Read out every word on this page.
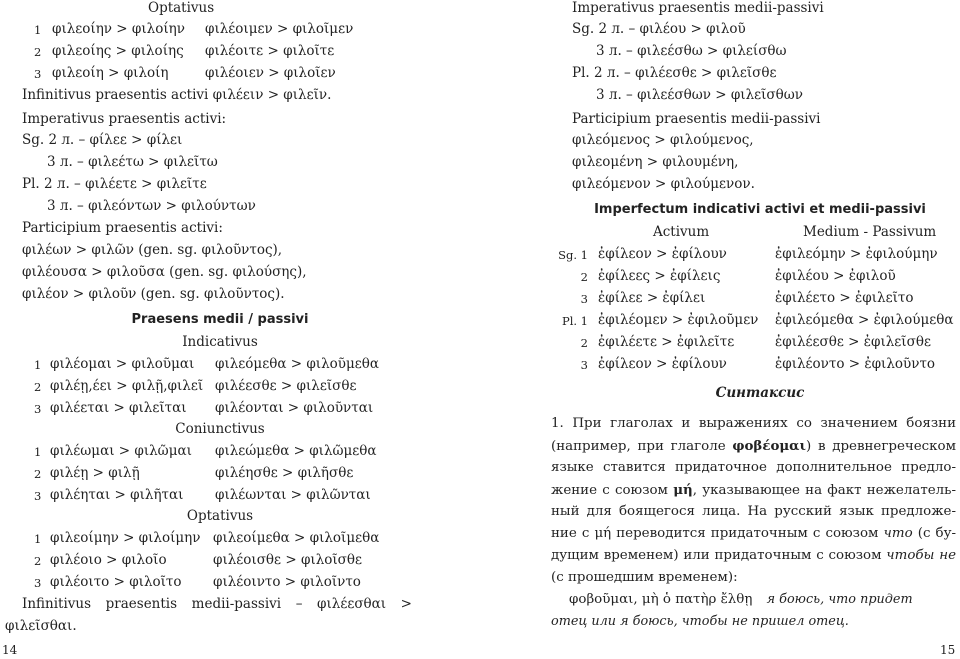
Optativus
1 φιλεοίην > φιλοίην φιλέοιμεν > φιλοῖμεν
2 φιλεοίης > φιλοίης φιλέοιτε > φιλοῖτε
3 φιλεοίη > φιλοίη	φιλέοιεν > φιλοῖεν
Infinitivus praesentis activi φιλέειν > φιλεῖν.
Imperativus praesentis activi:
Sg. 2 л. – φίλεε > φίλει
3 л. – φιλεέτω > φιλεῖτω
Pl. 2 л. – φιλέετε > φιλεῖτε
3 л. – φιλεόντων > φιλούντων
Participium praesentis activi:
φιλέων > φιλῶν (gen. sg. φιλοῦντος),
φιλέουσα > φιλοῦσα (gen. sg. φιλούσης),
φιλέον > φιλοῦν (gen. sg. φιλοῦντος).
Praesens medii / passivi
Indicativus
1 φιλέομαι > φιλοῦμαι φιλεόμεθα > φιλοῦμεθα
2 φιλέῃ,έει > φιλῇ,φιλεῖ φιλέεσθε > φιλεῖσθε
3 φιλέεται > φιλεῖται φιλέονται > φιλοῦνται
Coniunctivus
1 φιλέωμαι > φιλῶμαι φιλεώμεθα > φιλῶμεθα
2 φιλέῃ > φιλῇ	φιλέησθε > φιλῆσθε
3 φιλέηται > φιλῆται φιλέωνται > φιλῶνται
Optativus
1 φιλεοίμην > φιλοίμην φιλεοίμεθα > φιλοῖμεθα
2 φιλέοιο > φιλοῖο	φιλέοισθε > φιλοῖσθε
3 φιλέοιτο > φιλοῖτο φιλέοιντο > φιλοῖντο
Infinitivus praesentis medii-passivi – φιλέεσθαι >
φιλεῖσθαι.
14
Imperativus praesentis medii-passivi
Sg. 2 л. – φιλέου > φιλοῦ
3 л. – φιλεέσθω > φιλείσθω
Pl. 2 л. – φιλέεσθε > φιλεῖσθε
3 л. – φιλεέσθων > φιλεῖσθων
Participium praesentis medii-passivi
φιλεόμενος > φιλούμενος,
φιλεομένη > φιλουμένη,
φιλεόμενον > φιλούμενον.
Imperfectum indicativi activi et medii-passivi
Activum	Medium - Passivum
Sg. 1 ἐφίλεον > ἐφίλουν	ἐφιλεόμην > ἐφιλούμην
2 ἐφίλεες > ἐφίλεις	ἐφιλέου > ἐφιλοῦ
3 ἐφίλεε > ἐφίλει	ἐφιλέετο > ἐφιλεῖτο
Pl. 1 ἐφιλέομεν > ἐφιλοῦμεν ἐφιλεόμεθα > ἐφιλούμεθα
2 ἐφιλέετε > ἐφιλεῖτε	ἐφιλέεσθε > ἐφιλεῖσθε
3 ἐφίλεον > ἐφίλουν	ἐφιλέοντο > ἐφιλοῦντο
Синтаксис
1. При глаголах и выражениях со значением боязни
(например, при глаголе φοβέομαι) в древнегреческом
языке ставится придаточное дополнительное предло-
жение с союзом μή, указывающее на факт нежелатель-
ный для боящегося лица. На русский язык предложе-
ние с μή переводится придаточным с союзом что (с бу-
дущим временем) или придаточным с союзом чтобы не
(с прошедшим временем):
φοβοῦμαι, μὴ ὁ πατὴρ ἔλθῃ я боюсь, что придет
отец или я боюсь, чтобы не пришел отец.
15
